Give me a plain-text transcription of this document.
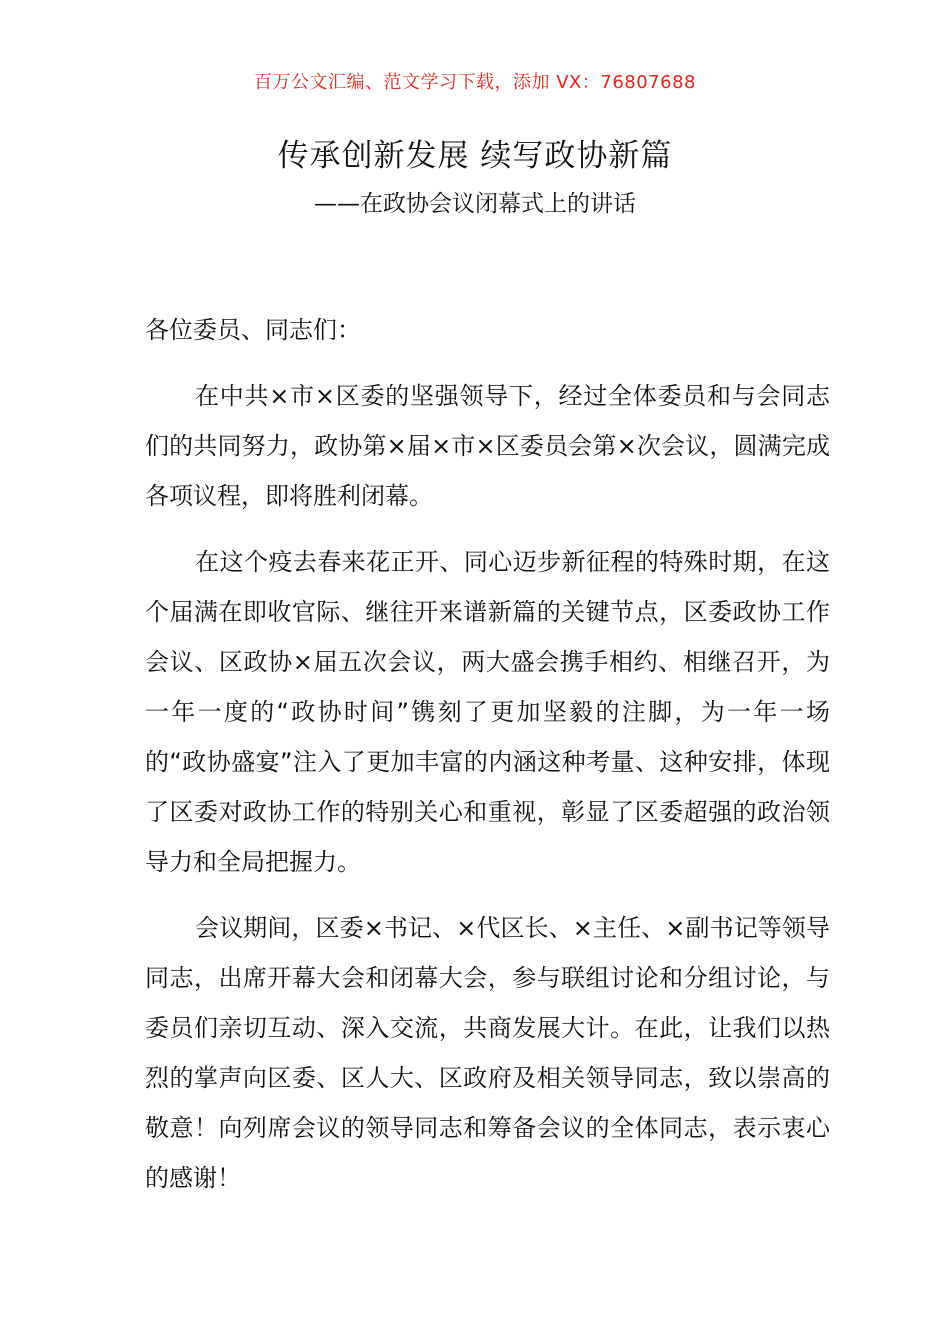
百万公文汇编、范文学习下载，添加 VX：76807688
传承创新发展 续写政协新篇
——在政协会议闭幕式上的讲话

各位委员、同志们：

在中共×市×区委的坚强领导下，经过全体委员和与会同志们的共同努力，政协第×届×市×区委员会第×次会议，圆满完成各项议程，即将胜利闭幕。

在这个疫去春来花正开、同心迈步新征程的特殊时期，在这个届满在即收官际、继往开来谱新篇的关键节点，区委政协工作会议、区政协×届五次会议，两大盛会携手相约、相继召开，为一年一度的“政协时间”镌刻了更加坚毅的注脚，为一年一场的“政协盛宴”注入了更加丰富的内涵这种考量、这种安排，体现了区委对政协工作的特别关心和重视，彰显了区委超强的政治领导力和全局把握力。

会议期间，区委×书记、×代区长、×主任、×副书记等领导同志，出席开幕大会和闭幕大会，参与联组讨论和分组讨论，与委员们亲切互动、深入交流，共商发展大计。在此，让我们以热烈的掌声向区委、区人大、区政府及相关领导同志，致以崇高的敬意！向列席会议的领导同志和筹备会议的全体同志，表示衷心的感谢！
